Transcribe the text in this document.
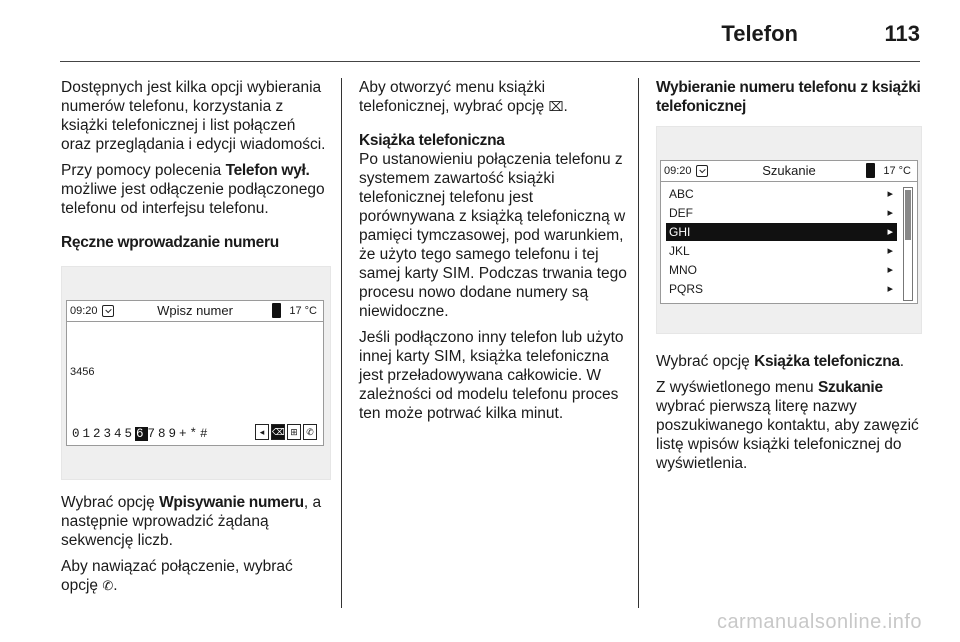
Telefon	113

Dostępnych jest kilka opcji wybierania numerów telefonu, korzystania z książki telefonicznej i list połączeń oraz przeglądania i edycji wiadomości.

Przy pomocy polecenia Telefon wył. możliwe jest odłączenie podłączonego telefonu od interfejsu telefonu.

Ręczne wprowadzanie numeru
09:20	Wpisz numer	17 °C
3456
0123456789+*#	◂ ⌫ ⊞ ✆

Wybrać opcję Wpisywanie numeru, a następnie wprowadzić żądaną sekwencję liczb.

Aby nawiązać połączenie, wybrać opcję ✆.

Aby otworzyć menu książki telefonicznej, wybrać opcję ⌧.

Książka telefoniczna

Po ustanowieniu połączenia telefonu z systemem zawartość książki telefonicznej telefonu jest porównywana z książką telefoniczną w pamięci tymczasowej, pod warunkiem, że użyto tego samego telefonu i tej samej karty SIM. Podczas trwania tego procesu nowo dodane numery są niewidoczne.

Jeśli podłączono inny telefon lub użyto innej karty SIM, książka telefoniczna jest przeładowywana całkowicie. W zależności od modelu telefonu proces ten może potrwać kilka minut.

Wybieranie numeru telefonu z książki telefonicznej
09:20	Szukanie	17 °C
ABC	▸
DEF	▸
GHI	▸
JKL	▸
MNO	▸
PQRS	▸

Wybrać opcję Książka telefoniczna.

Z wyświetlonego menu Szukanie wybrać pierwszą literę nazwy poszukiwanego kontaktu, aby zawęzić listę wpisów książki telefonicznej do wyświetlenia.

carmanualsonline.info
